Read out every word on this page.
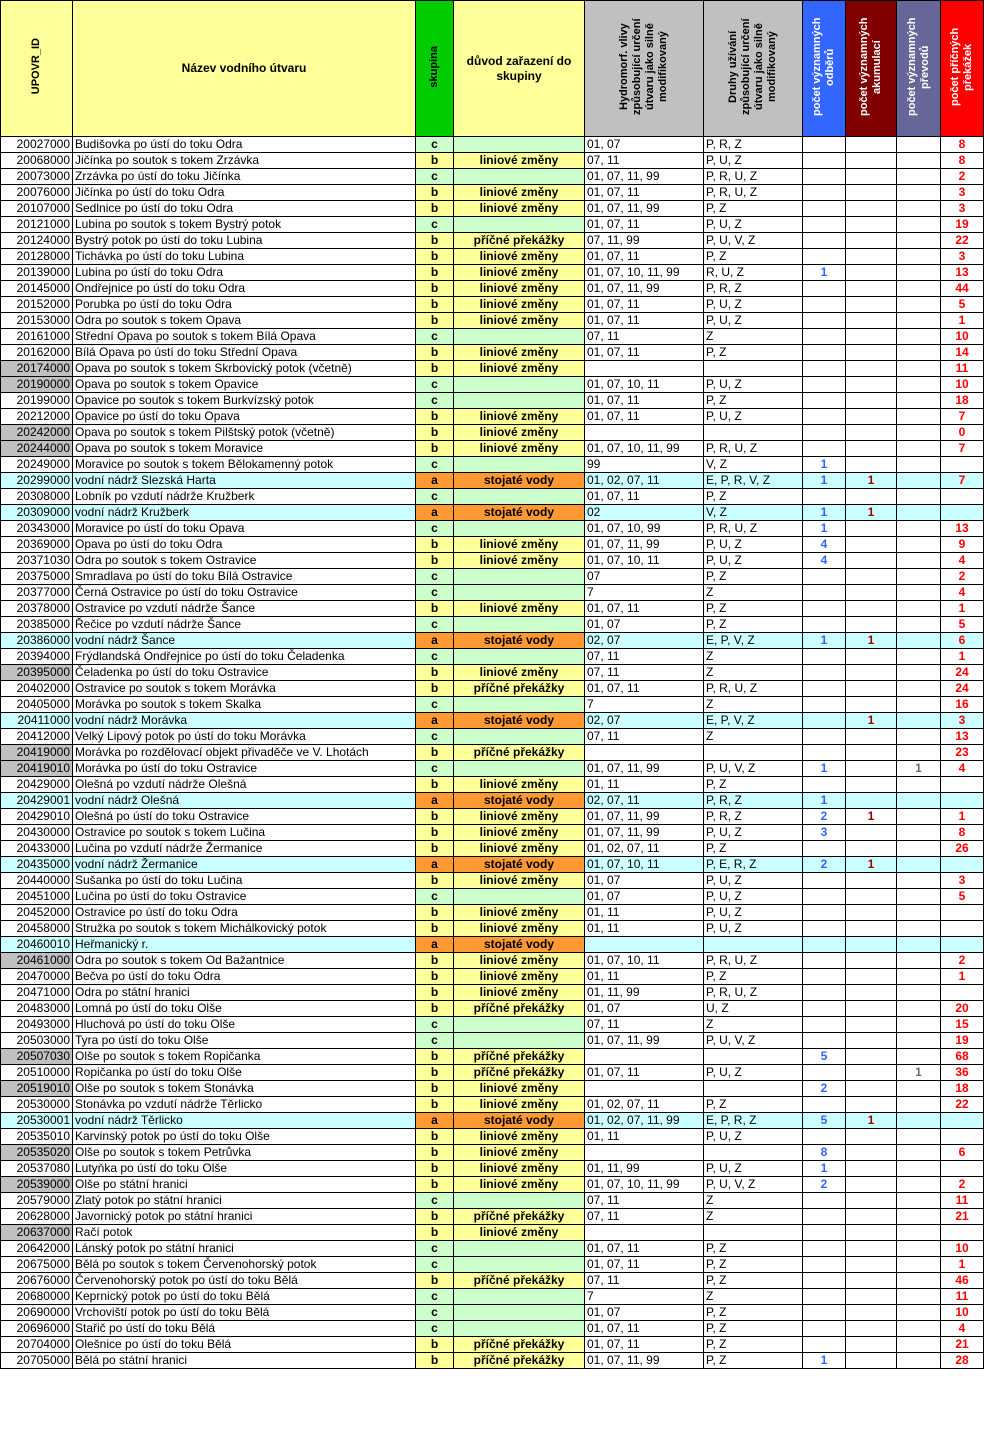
UPOVR_ID	Název vodního útvaru	skupina	důvod zařazení do skupiny	Hydromorf. vlivy způsobující určení útvaru jako silně modifikovaný	Druhy užívání způsobující určení útvaru jako silně modifikovaný	počet významných odběrů	počet významných akumulací	počet významných převodů	počet příčných překážek
20027000	Budišovka po ústí do toku Odra	c		01, 07	P, R, Z				8
20068000	Jičínka po soutok s tokem Zrzávka	b	liniové změny	07, 11	P, U, Z				8
20073000	Zrzávka po ústí do toku Jičínka	c		01, 07, 11, 99	P, R, U, Z				2
20076000	Jičínka po ústí do toku Odra	b	liniové změny	01, 07, 11	P, R, U, Z				3
20107000	Sedlnice po ústí do toku Odra	b	liniové změny	01, 07, 11, 99	P, Z				3
20121000	Lubina po soutok s tokem Bystrý potok	c		01, 07, 11	P, U, Z				19
20124000	Bystrý potok po ústí do toku Lubina	b	příčné překážky	07, 11, 99	P, U, V, Z				22
20128000	Tichávka po ústí do toku Lubina	b	liniové změny	01, 07, 11	P, Z				3
20139000	Lubina po ústí do toku Odra	b	liniové změny	01, 07, 10, 11, 99	R, U, Z	1			13
20145000	Ondřejnice po ústí do toku Odra	b	liniové změny	01, 07, 11, 99	P, R, Z				44
20152000	Porubka po ústí do toku Odra	b	liniové změny	01, 07, 11	P, U, Z				5
20153000	Odra po soutok s tokem Opava	b	liniové změny	01, 07, 11	P, U, Z				1
20161000	Střední Opava po soutok s tokem Bílá Opava	c		07, 11	Z				10
20162000	Bílá Opava po ústí do toku Střední Opava	b	liniové změny	01, 07, 11	P, Z				14
20174000	Opava po soutok s tokem Skrbovický potok (včetně)	b	liniové změny						11
20190000	Opava po soutok s tokem Opavice	c		01, 07, 10, 11	P, U, Z				10
20199000	Opavice po soutok s tokem Burkvízský potok	c		01, 07, 11	P, Z				18
20212000	Opavice po ústí do toku Opava	b	liniové změny	01, 07, 11	P, U, Z				7
20242000	Opava po soutok s tokem Pilštský potok (včetně)	b	liniové změny						0
20244000	Opava po soutok s tokem Moravice	b	liniové změny	01, 07, 10, 11, 99	P, R, U, Z				7
20249000	Moravice po soutok s tokem Bělokamenný potok	c		99	V, Z	1			
20299000	vodní nádrž Slezská Harta	a	stojaté vody	01, 02, 07, 11	E, P, R, V, Z	1	1		7
20308000	Lobník po vzdutí nádrže Kružberk	c		01, 07, 11	P, Z				
20309000	vodní nádrž Kružberk	a	stojaté vody	02	V, Z	1	1		
20343000	Moravice po ústí do toku Opava	c		01, 07, 10, 99	P, R, U, Z	1			13
20369000	Opava po ústí do toku Odra	b	liniové změny	01, 07, 11, 99	P, U, Z	4			9
20371030	Odra po soutok s tokem Ostravice	b	liniové změny	01, 07, 10, 11	P, U, Z	4			4
20375000	Smradlava po ústí do toku Bílá Ostravice	c		07	P, Z				2
20377000	Černá Ostravice po ústí do toku Ostravice	c		7	Z				4
20378000	Ostravice po vzdutí nádrže Šance	b	liniové změny	01, 07, 11	P, Z				1
20385000	Řečice po vzdutí nádrže Šance	c		01, 07	P, Z				5
20386000	vodní nádrž Šance	a	stojaté vody	02, 07	E, P, V, Z	1	1		6
20394000	Frýdlandská Ondřejnice po ústí do toku Čeladenka	c		07, 11	Z				1
20395000	Čeladenka po ústí do toku Ostravice	b	liniové změny	07, 11	Z				24
20402000	Ostravice po soutok s tokem Morávka	b	příčné překážky	01, 07, 11	P, R, U, Z				24
20405000	Morávka po soutok s tokem Skalka	c		7	Z				16
20411000	vodní nádrž Morávka	a	stojaté vody	02, 07	E, P, V, Z		1		3
20412000	Velký Lipový potok po ústí do toku Morávka	c		07, 11	Z				13
20419000	Morávka po rozdělovací objekt přivaděče ve V. Lhotách	b	příčné překážky						23
20419010	Morávka po ústí do toku Ostravice	c		01, 07, 11, 99	P, U, V, Z	1		1	4
20429000	Olešná po vzdutí nádrže Olešná	b	liniové změny	01, 11	P, Z				
20429001	vodní nádrž Olešná	a	stojaté vody	02, 07, 11	P, R, Z	1			
20429010	Olešná po ústí do toku Ostravice	b	liniové změny	01, 07, 11, 99	P, R, Z	2	1		1
20430000	Ostravice po soutok s tokem Lučina	b	liniové změny	01, 07, 11, 99	P, U, Z	3			8
20433000	Lučina po vzdutí nádrže Žermanice	b	liniové změny	01, 02, 07, 11	P, Z				26
20435000	vodní nádrž Žermanice	a	stojaté vody	01, 07, 10, 11	P, E, R, Z	2	1		
20440000	Sušanka po ústí do toku Lučina	b	liniové změny	01, 07	P, U, Z				3
20451000	Lučina po ústí do toku Ostravice	c		01, 07	P, U, Z				5
20452000	Ostravice po ústí do toku Odra	b	liniové změny	01, 11	P, U, Z				
20458000	Stružka po soutok s tokem Michálkovický potok	b	liniové změny	01, 11	P, U, Z				
20460010	Heřmanický r.	a	stojaté vody						
20461000	Odra po soutok s tokem Od Bažantnice	b	liniové změny	01, 07, 10, 11	P, R, U, Z				2
20470000	Bečva po ústí do toku Odra	b	liniové změny	01, 11	P, Z				1
20471000	Odra po státní hranici	b	liniové změny	01, 11, 99	P, R, U, Z				
20483000	Lomná po ústí do toku Olše	b	příčné překážky	01, 07	U, Z				20
20493000	Hluchová po ústí do toku Olše	c		07, 11	Z				15
20503000	Tyra po ústí do toku Olše	c		01, 07, 11, 99	P, U, V, Z				19
20507030	Olše po soutok s tokem Ropičanka	b	příčné překážky			5			68
20510000	Ropičanka po ústí do toku Olše	b	příčné překážky	01, 07, 11	P, U, Z			1	36
20519010	Olše po soutok s tokem Stonávka	b	liniové změny			2			18
20530000	Stonávka po vzdutí nádrže Těrlicko	b	liniové změny	01, 02, 07, 11	P, Z				22
20530001	vodní nádrž Těrlicko	a	stojaté vody	01, 02, 07, 11, 99	E, P, R, Z	5	1		
20535010	Karvinský potok po ústí do toku Olše	b	liniové změny	01, 11	P, U, Z				
20535020	Olše po soutok s tokem Petrůvka	b	liniové změny			8			6
20537080	Lutyňka po ústí do toku Olše	b	liniové změny	01, 11, 99	P, U, Z	1			
20539000	Olše po státní hranici	b	liniové změny	01, 07, 10, 11, 99	P, U, V, Z	2			2
20579000	Zlatý potok po státní hranici	c		07, 11	Z				11
20628000	Javornický potok po státní hranici	b	příčné překážky	07, 11	Z				21
20637000	Račí potok	b	liniové změny						
20642000	Lánský potok po státní hranici	c		01, 07, 11	P, Z				10
20675000	Bělá po soutok s tokem Červenohorský potok	c		01, 07, 11	P, Z				1
20676000	Červenohorský potok po ústí do toku Bělá	b	příčné překážky	07, 11	P, Z				46
20680000	Keprnický potok po ústí do toku Bělá	c		7	Z				11
20690000	Vrchoviští potok po ústí do toku Bělá	c		01, 07	P, Z				10
20696000	Stařič po ústí do toku Bělá	c		01, 07, 11	P, Z				4
20704000	Olešnice po ústí do toku Bělá	b	příčné překážky	01, 07, 11	P, Z				21
20705000	Bělá po státní hranici	b	příčné překážky	01, 07, 11, 99	P, Z	1			28
